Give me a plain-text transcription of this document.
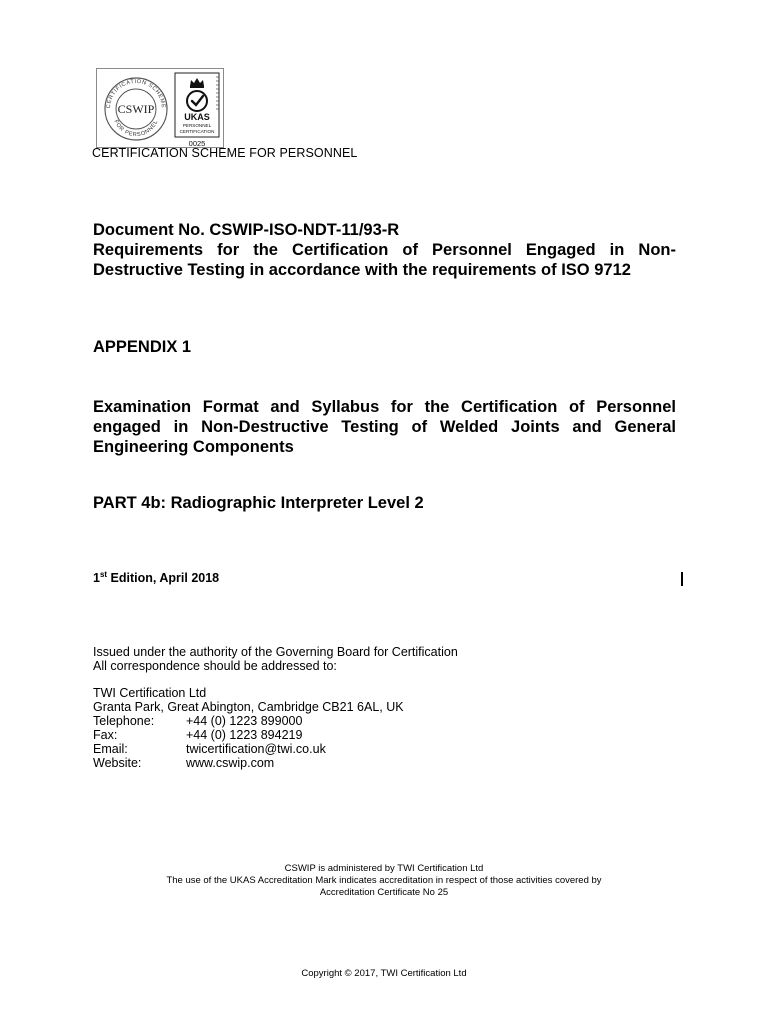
CERTIFICATION SCHEME
FOR PERSONNEL
CSWIP
UKAS
PERSONNEL
CERTIFICATION
0025
CERTIFICATION SCHEME FOR PERSONNEL
Document No. CSWIP-ISO-NDT-11/93-R
Requirements for the Certification of Personnel Engaged in Non-Destructive Testing in accordance with the requirements of ISO 9712
APPENDIX 1
Examination Format and Syllabus for the Certification of Personnel engaged in Non-Destructive Testing of Welded Joints and General Engineering Components
PART 4b: Radiographic Interpreter Level 2
1st Edition, April 2018
Issued under the authority of the Governing Board for Certification
All correspondence should be addressed to:
TWI Certification Ltd
Granta Park, Great Abington, Cambridge CB21 6AL, UK
Telephone:	+44 (0) 1223 899000
Fax:	+44 (0) 1223 894219
Email:	twicertification@twi.co.uk
Website:	www.cswip.com
CSWIP is administered by TWI Certification Ltd
The use of the UKAS Accreditation Mark indicates accreditation in respect of those activities covered by
Accreditation Certificate No 25
Copyright © 2017, TWI Certification Ltd
